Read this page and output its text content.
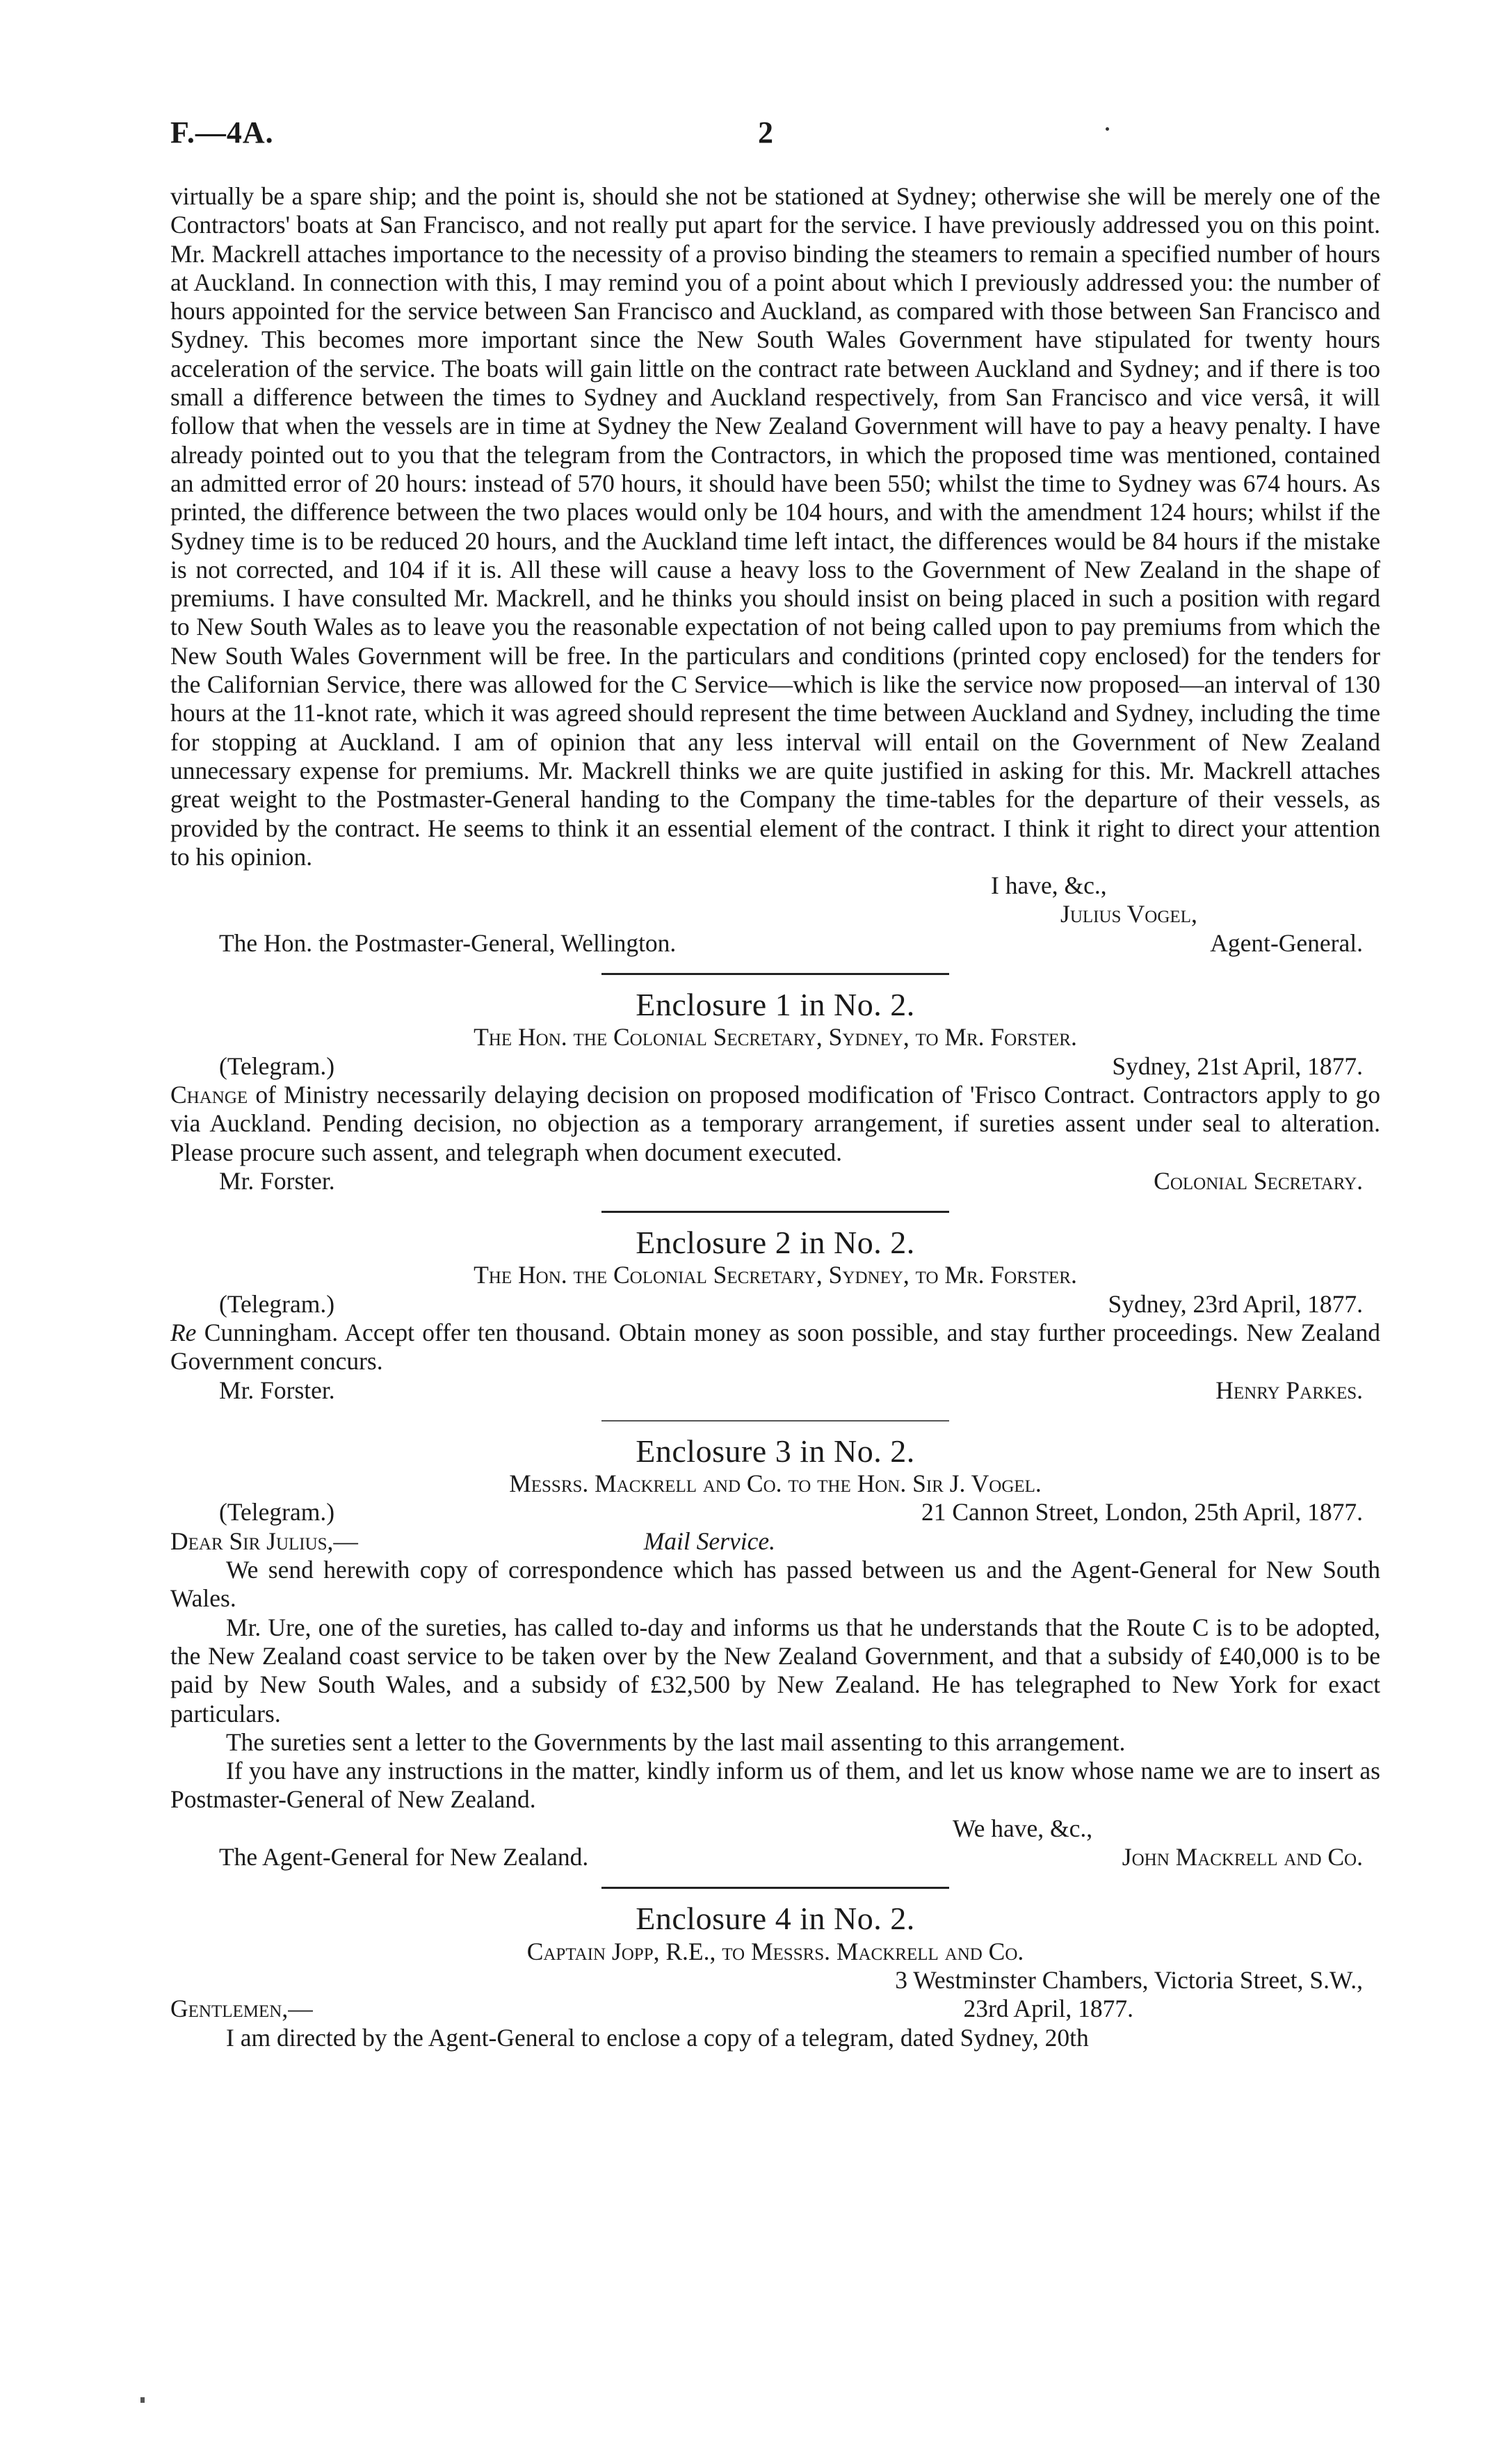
F.—4A.	2

virtually be a spare ship; and the point is, should she not be stationed at Sydney; otherwise she will be merely one of the Contractors' boats at San Francisco, and not really put apart for the service. I have previously addressed you on this point. Mr. Mackrell attaches importance to the necessity of a proviso binding the steamers to remain a specified number of hours at Auckland. In connection with this, I may remind you of a point about which I previously addressed you: the number of hours appointed for the service between San Francisco and Auckland, as compared with those between San Francisco and Sydney. This becomes more important since the New South Wales Government have stipulated for twenty hours acceleration of the service. The boats will gain little on the contract rate between Auckland and Sydney; and if there is too small a difference between the times to Sydney and Auckland respectively, from San Francisco and vice versâ, it will follow that when the vessels are in time at Sydney the New Zealand Government will have to pay a heavy penalty. I have already pointed out to you that the telegram from the Contractors, in which the proposed time was mentioned, contained an admitted error of 20 hours: instead of 570 hours, it should have been 550; whilst the time to Sydney was 674 hours. As printed, the difference between the two places would only be 104 hours, and with the amendment 124 hours; whilst if the Sydney time is to be reduced 20 hours, and the Auckland time left intact, the differences would be 84 hours if the mistake is not corrected, and 104 if it is. All these will cause a heavy loss to the Government of New Zealand in the shape of premiums. I have consulted Mr. Mackrell, and he thinks you should insist on being placed in such a position with regard to New South Wales as to leave you the reasonable expectation of not being called upon to pay premiums from which the New South Wales Government will be free. In the particulars and conditions (printed copy enclosed) for the tenders for the Californian Service, there was allowed for the C Service—which is like the service now proposed—an interval of 130 hours at the 11-knot rate, which it was agreed should represent the time between Auckland and Sydney, including the time for stopping at Auckland. I am of opinion that any less interval will entail on the Government of New Zealand unnecessary expense for premiums. Mr. Mackrell thinks we are quite justified in asking for this. Mr. Mackrell attaches great weight to the Postmaster-General handing to the Company the time-tables for the departure of their vessels, as provided by the contract. He seems to think it an essential element of the contract. I think it right to direct your attention to his opinion.

I have, &c.,
Julius Vogel,
The Hon. the Postmaster-General, Wellington.	Agent-General.
Enclosure 1 in No. 2.
The Hon. the Colonial Secretary, Sydney, to Mr. Forster.
(Telegram.)	Sydney, 21st April, 1877.

Change of Ministry necessarily delaying decision on proposed modification of 'Frisco Contract. Contractors apply to go via Auckland. Pending decision, no objection as a temporary arrangement, if sureties assent under seal to alteration. Please procure such assent, and telegraph when document executed.

Mr. Forster.	Colonial Secretary.
Enclosure 2 in No. 2.
The Hon. the Colonial Secretary, Sydney, to Mr. Forster.
(Telegram.)	Sydney, 23rd April, 1877.

Re Cunningham. Accept offer ten thousand. Obtain money as soon possible, and stay further proceedings. New Zealand Government concurs.

Mr. Forster.	Henry Parkes.
Enclosure 3 in No. 2.
Messrs. Mackrell and Co. to the Hon. Sir J. Vogel.
(Telegram.)	21 Cannon Street, London, 25th April, 1877.
Dear Sir Julius,—	Mail Service.

We send herewith copy of correspondence which has passed between us and the Agent-General for New South Wales.

Mr. Ure, one of the sureties, has called to-day and informs us that he understands that the Route C is to be adopted, the New Zealand coast service to be taken over by the New Zealand Government, and that a subsidy of £40,000 is to be paid by New South Wales, and a subsidy of £32,500 by New Zealand. He has telegraphed to New York for exact particulars.

The sureties sent a letter to the Governments by the last mail assenting to this arrangement.

If you have any instructions in the matter, kindly inform us of them, and let us know whose name we are to insert as Postmaster-General of New Zealand.

We have, &c.,
The Agent-General for New Zealand.	John Mackrell and Co.
Enclosure 4 in No. 2.
Captain Jopp, R.E., to Messrs. Mackrell and Co.
3 Westminster Chambers, Victoria Street, S.W.,
Gentlemen,—	23rd April, 1877.

I am directed by the Agent-General to enclose a copy of a telegram, dated Sydney, 20th
